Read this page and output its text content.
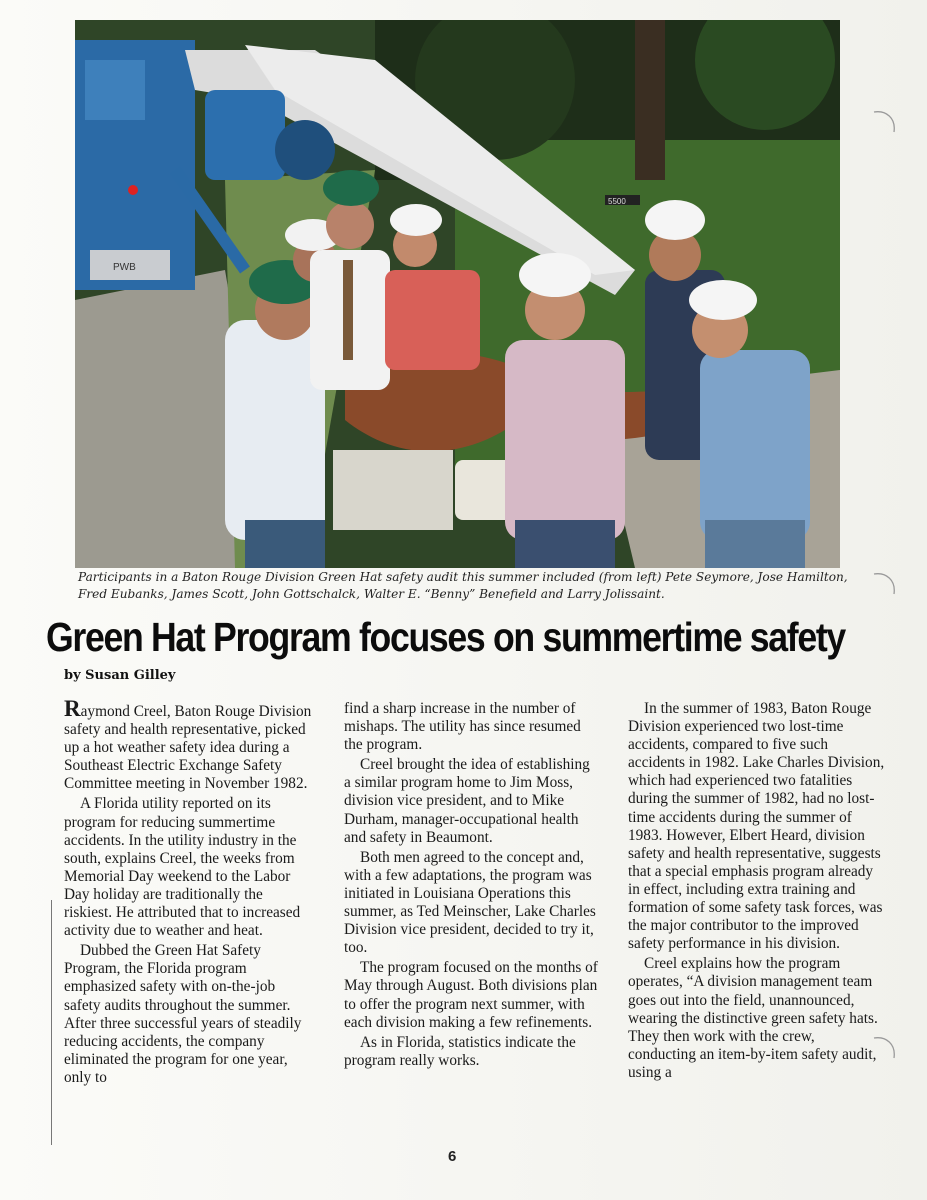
PWB
5500
Participants in a Baton Rouge Division Green Hat safety audit this summer included (from left) Pete Seymore, Jose Hamilton, Fred Eubanks, James Scott, John Gottschalck, Walter E. “Benny” Benefield and Larry Jolissaint.
Green Hat Program focuses on summertime safety
by Susan Gilley

Raymond Creel, Baton Rouge Division safety and health representative, picked up a hot weather safety idea during a Southeast Electric Exchange Safety Committee meeting in November 1982.

A Florida utility reported on its program for reducing summertime accidents. In the utility industry in the south, explains Creel, the weeks from Memorial Day weekend to the Labor Day holiday are traditionally the riskiest. He attributed that to increased activity due to weather and heat.

Dubbed the Green Hat Safety Program, the Florida program emphasized safety with on-the-job safety audits throughout the summer. After three successful years of steadily reducing accidents, the company eliminated the program for one year, only to

find a sharp increase in the number of mishaps. The utility has since resumed the program.

Creel brought the idea of establishing a similar program home to Jim Moss, division vice president, and to Mike Durham, manager-occupational health and safety in Beaumont.

Both men agreed to the concept and, with a few adaptations, the program was initiated in Louisiana Operations this summer, as Ted Meinscher, Lake Charles Division vice president, decided to try it, too.

The program focused on the months of May through August. Both divisions plan to offer the program next summer, with each division making a few refinements.

As in Florida, statistics indicate the program really works.

In the summer of 1983, Baton Rouge Division experienced two lost-time accidents, compared to five such accidents in 1982. Lake Charles Division, which had experienced two fatalities during the summer of 1982, had no lost-time accidents during the summer of 1983. However, Elbert Heard, division safety and health representative, suggests that a special emphasis program already in effect, including extra training and formation of some safety task forces, was the major contributor to the improved safety performance in his division.

Creel explains how the program operates, “A division management team goes out into the field, unannounced, wearing the distinctive green safety hats. They then work with the crew, conducting an item-by-item safety audit, using a

6
